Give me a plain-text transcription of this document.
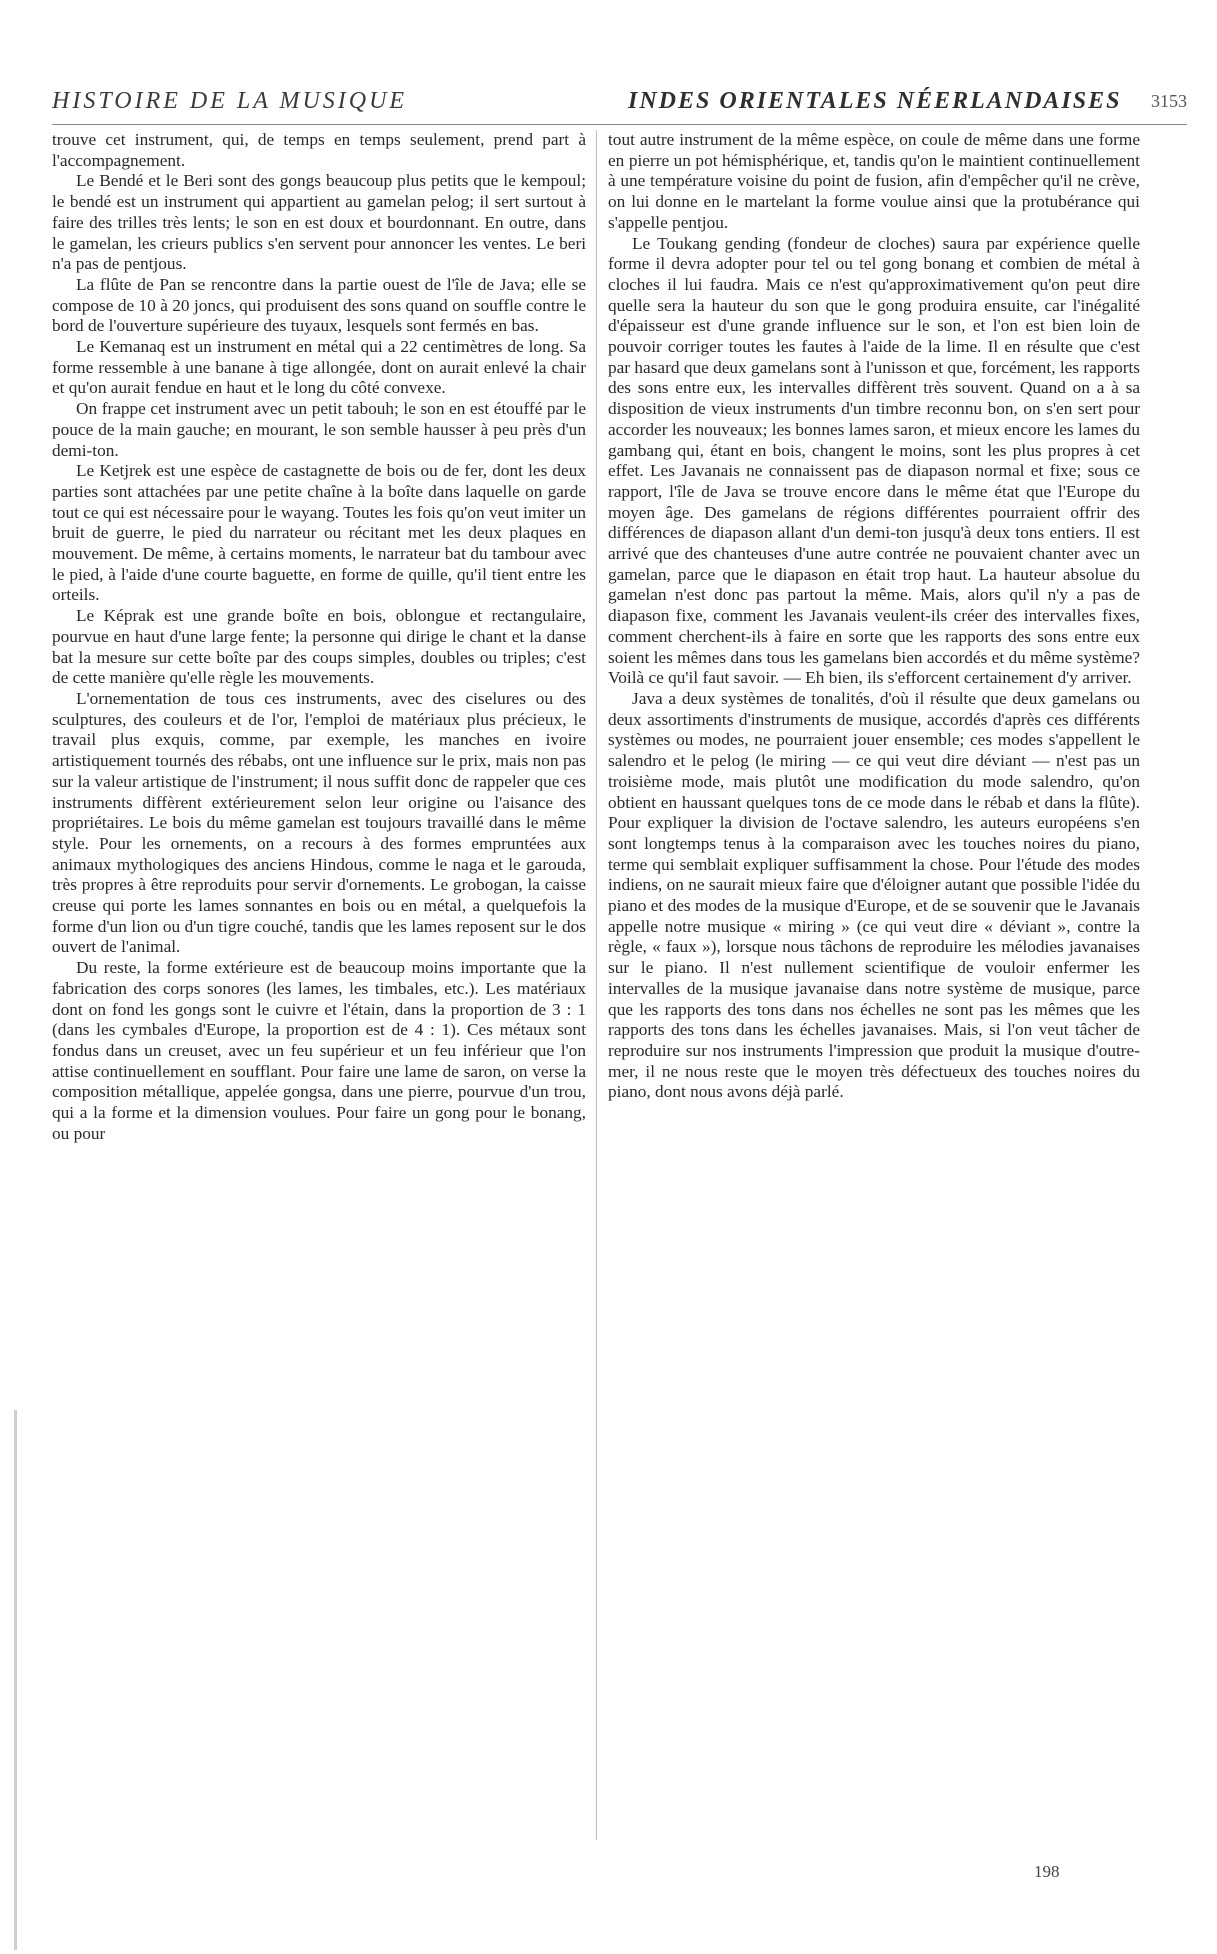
HISTOIRE DE LA MUSIQUE	INDES ORIENTALES NÉERLANDAISES 3153

trouve cet instrument, qui, de temps en temps seulement, prend part à l'accompagnement.

Le Bendé et le Beri sont des gongs beaucoup plus petits que le kempoul; le bendé est un instrument qui appartient au gamelan pelog; il sert surtout à faire des trilles très lents; le son en est doux et bourdonnant. En outre, dans le gamelan, les crieurs publics s'en servent pour annoncer les ventes. Le beri n'a pas de pentjous.

La flûte de Pan se rencontre dans la partie ouest de l'île de Java; elle se compose de 10 à 20 joncs, qui produisent des sons quand on souffle contre le bord de l'ouverture supérieure des tuyaux, lesquels sont fermés en bas.

Le Kemanaq est un instrument en métal qui a 22 centimètres de long. Sa forme ressemble à une banane à tige allongée, dont on aurait enlevé la chair et qu'on aurait fendue en haut et le long du côté convexe.

On frappe cet instrument avec un petit tabouh; le son en est étouffé par le pouce de la main gauche; en mourant, le son semble hausser à peu près d'un demi-ton.

Le Ketjrek est une espèce de castagnette de bois ou de fer, dont les deux parties sont attachées par une petite chaîne à la boîte dans laquelle on garde tout ce qui est nécessaire pour le wayang. Toutes les fois qu'on veut imiter un bruit de guerre, le pied du narrateur ou récitant met les deux plaques en mouvement. De même, à certains moments, le narrateur bat du tambour avec le pied, à l'aide d'une courte baguette, en forme de quille, qu'il tient entre les orteils.

Le Képrak est une grande boîte en bois, oblongue et rectangulaire, pourvue en haut d'une large fente; la personne qui dirige le chant et la danse bat la mesure sur cette boîte par des coups simples, doubles ou triples; c'est de cette manière qu'elle règle les mouvements.

L'ornementation de tous ces instruments, avec des ciselures ou des sculptures, des couleurs et de l'or, l'emploi de matériaux plus précieux, le travail plus exquis, comme, par exemple, les manches en ivoire artistiquement tournés des rébabs, ont une influence sur le prix, mais non pas sur la valeur artistique de l'instrument; il nous suffit donc de rappeler que ces instruments diffèrent extérieurement selon leur origine ou l'aisance des propriétaires. Le bois du même gamelan est toujours travaillé dans le même style. Pour les ornements, on a recours à des formes empruntées aux animaux mythologiques des anciens Hindous, comme le naga et le garouda, très propres à être reproduits pour servir d'ornements. Le grobogan, la caisse creuse qui porte les lames sonnantes en bois ou en métal, a quelquefois la forme d'un lion ou d'un tigre couché, tandis que les lames reposent sur le dos ouvert de l'animal.

Du reste, la forme extérieure est de beaucoup moins importante que la fabrication des corps sonores (les lames, les timbales, etc.). Les matériaux dont on fond les gongs sont le cuivre et l'étain, dans la proportion de 3 : 1 (dans les cymbales d'Europe, la proportion est de 4 : 1). Ces métaux sont fondus dans un creuset, avec un feu supérieur et un feu inférieur que l'on attise continuellement en soufflant. Pour faire une lame de saron, on verse la composition métallique, appelée gongsa, dans une pierre, pourvue d'un trou, qui a la forme et la dimension voulues. Pour faire un gong pour le bonang, ou pour

tout autre instrument de la même espèce, on coule de même dans une forme en pierre un pot hémisphérique, et, tandis qu'on le maintient continuellement à une température voisine du point de fusion, afin d'empêcher qu'il ne crève, on lui donne en le martelant la forme voulue ainsi que la protubérance qui s'appelle pentjou.

Le Toukang gending (fondeur de cloches) saura par expérience quelle forme il devra adopter pour tel ou tel gong bonang et combien de métal à cloches il lui faudra. Mais ce n'est qu'approximativement qu'on peut dire quelle sera la hauteur du son que le gong produira ensuite, car l'inégalité d'épaisseur est d'une grande influence sur le son, et l'on est bien loin de pouvoir corriger toutes les fautes à l'aide de la lime. Il en résulte que c'est par hasard que deux gamelans sont à l'unisson et que, forcément, les rapports des sons entre eux, les intervalles diffèrent très souvent. Quand on a à sa disposition de vieux instruments d'un timbre reconnu bon, on s'en sert pour accorder les nouveaux; les bonnes lames saron, et mieux encore les lames du gambang qui, étant en bois, changent le moins, sont les plus propres à cet effet. Les Javanais ne connaissent pas de diapason normal et fixe; sous ce rapport, l'île de Java se trouve encore dans le même état que l'Europe du moyen âge. Des gamelans de régions différentes pourraient offrir des différences de diapason allant d'un demi-ton jusqu'à deux tons entiers. Il est arrivé que des chanteuses d'une autre contrée ne pouvaient chanter avec un gamelan, parce que le diapason en était trop haut. La hauteur absolue du gamelan n'est donc pas partout la même. Mais, alors qu'il n'y a pas de diapason fixe, comment les Javanais veulent-ils créer des intervalles fixes, comment cherchent-ils à faire en sorte que les rapports des sons entre eux soient les mêmes dans tous les gamelans bien accordés et du même système? Voilà ce qu'il faut savoir. — Eh bien, ils s'efforcent certainement d'y arriver.

Java a deux systèmes de tonalités, d'où il résulte que deux gamelans ou deux assortiments d'instruments de musique, accordés d'après ces différents systèmes ou modes, ne pourraient jouer ensemble; ces modes s'appellent le salendro et le pelog (le miring — ce qui veut dire déviant — n'est pas un troisième mode, mais plutôt une modification du mode salendro, qu'on obtient en haussant quelques tons de ce mode dans le rébab et dans la flûte). Pour expliquer la division de l'octave salendro, les auteurs européens s'en sont longtemps tenus à la comparaison avec les touches noires du piano, terme qui semblait expliquer suffisamment la chose. Pour l'étude des modes indiens, on ne saurait mieux faire que d'éloigner autant que possible l'idée du piano et des modes de la musique d'Europe, et de se souvenir que le Javanais appelle notre musique « miring » (ce qui veut dire « déviant », contre la règle, « faux »), lorsque nous tâchons de reproduire les mélodies javanaises sur le piano. Il n'est nullement scientifique de vouloir enfermer les intervalles de la musique javanaise dans notre système de musique, parce que les rapports des tons dans nos échelles ne sont pas les mêmes que les rapports des tons dans les échelles javanaises. Mais, si l'on veut tâcher de reproduire sur nos instruments l'impression que produit la musique d'outre-mer, il ne nous reste que le moyen très défectueux des touches noires du piano, dont nous avons déjà parlé.

198
